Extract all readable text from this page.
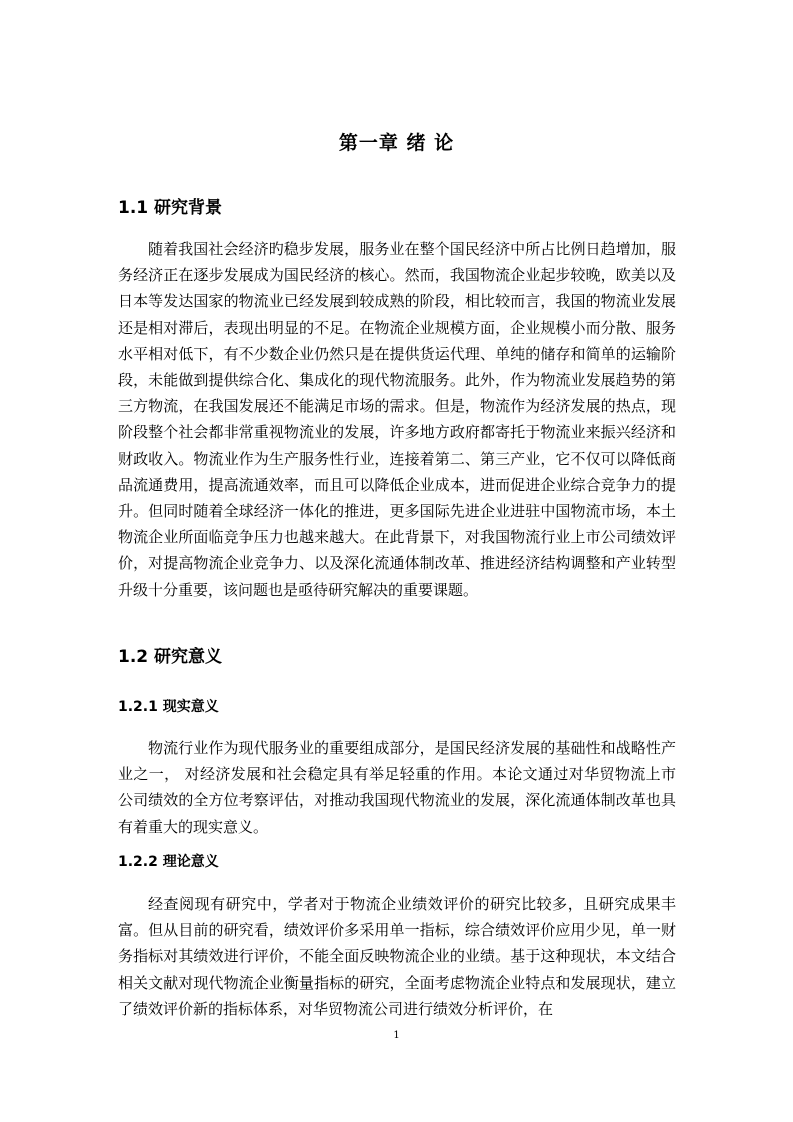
第一章 绪 论
1.1 研究背景

随着我国社会经济旳稳步发展，服务业在整个国民经济中所占比例日趋增加，服务经济正在逐步发展成为国民经济的核心。然而，我国物流企业起步较晚，欧美以及日本等发达国家的物流业已经发展到较成熟的阶段，相比较而言，我国的物流业发展还是相对滞后，表现出明显的不足。在物流企业规模方面，企业规模小而分散、服务水平相对低下，有不少数企业仍然只是在提供货运代理、单纯的储存和简单的运输阶段，未能做到提供综合化、集成化的现代物流服务。此外，作为物流业发展趋势的第三方物流，在我国发展还不能满足市场的需求。但是，物流作为经济发展的热点，现阶段整个社会都非常重视物流业的发展，许多地方政府都寄托于物流业来振兴经济和财政收入。物流业作为生产服务性行业，连接着第二、第三产业，它不仅可以降低商品流通费用，提高流通效率，而且可以降低企业成本，进而促进企业综合竞争力的提升。但同时随着全球经济一体化的推进，更多国际先进企业进驻中国物流市场，本土物流企业所面临竞争压力也越来越大。在此背景下，对我国物流行业上市公司绩效评价，对提高物流企业竞争力、以及深化流通体制改革、推进经济结构调整和产业转型升级十分重要，该问题也是亟待研究解决的重要课题。

1.2 研究意义
1.2.1 现实意义

物流行业作为现代服务业的重要组成部分，是国民经济发展的基础性和战略性产业之一， 对经济发展和社会稳定具有举足轻重的作用。本论文通过对华贸物流上市公司绩效的全方位考察评估，对推动我国现代物流业的发展，深化流通体制改革也具有着重大的现实意义。

1.2.2 理论意义

经查阅现有研究中，学者对于物流企业绩效评价的研究比较多，且研究成果丰富。但从目前的研究看，绩效评价多采用单一指标，综合绩效评价应用少见，单一财务指标对其绩效进行评价，不能全面反映物流企业的业绩。基于这种现状，本文结合相关文献对现代物流企业衡量指标的研究，全面考虑物流企业特点和发展现状，建立了绩效评价新的指标体系，对华贸物流公司进行绩效分析评价，在

1
